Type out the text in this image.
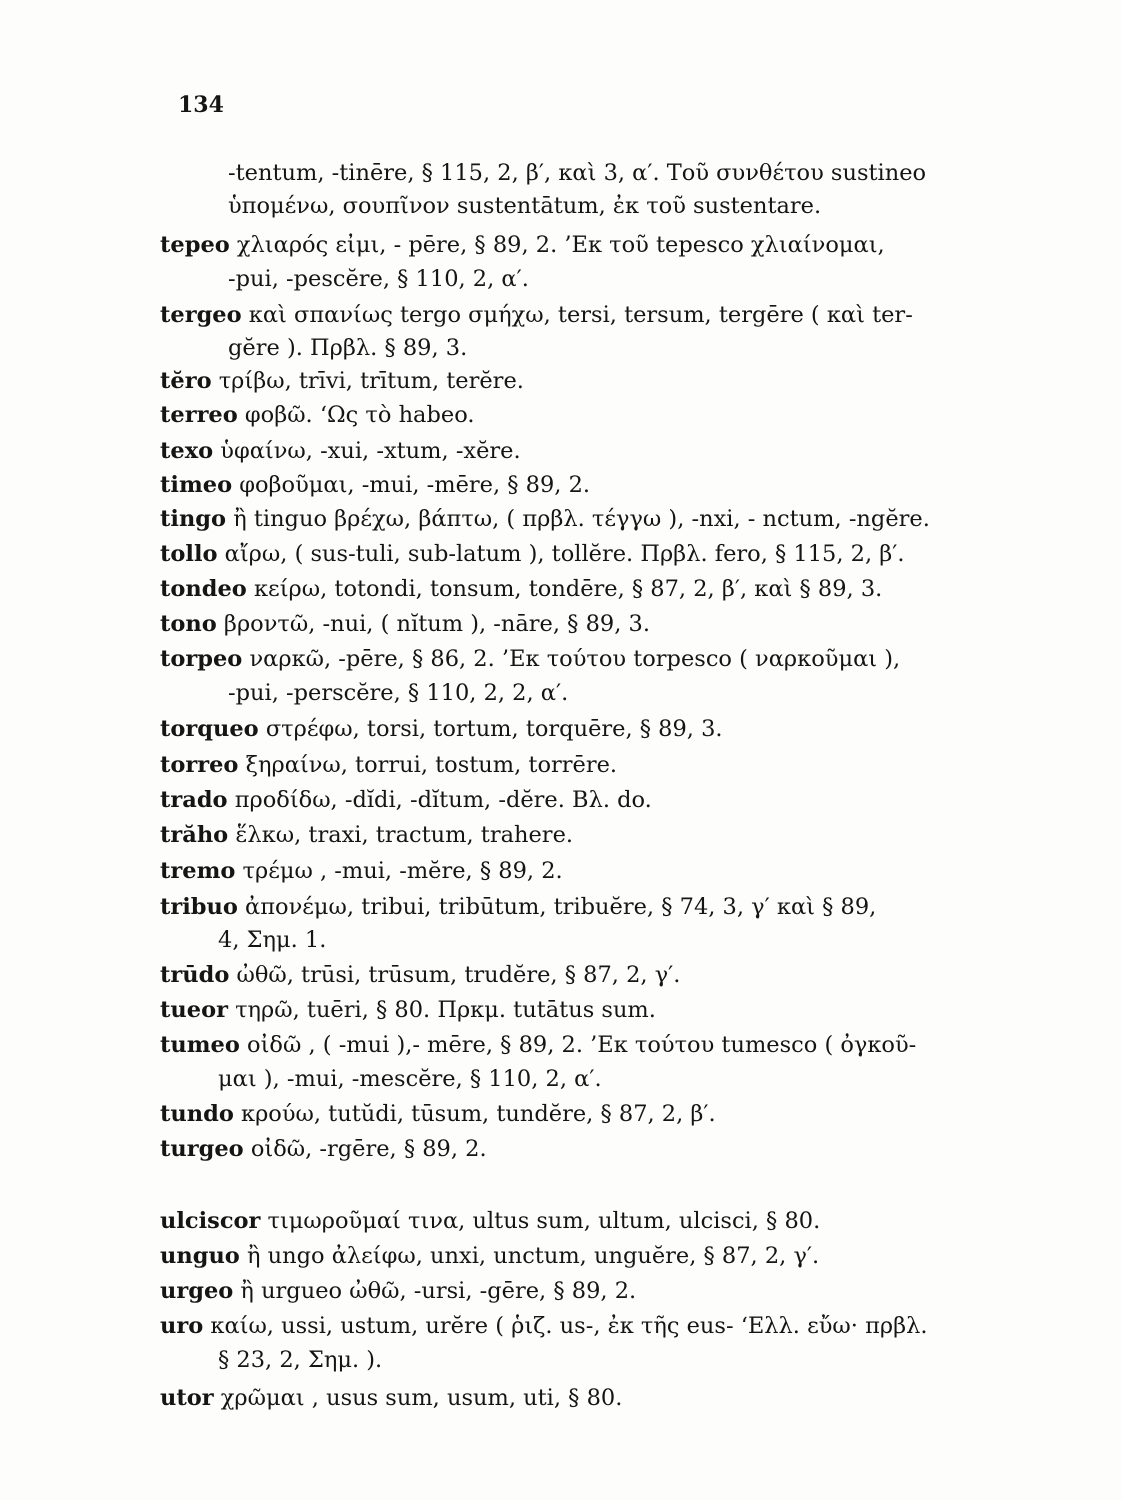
134
-tentum, -tinēre, § 115, 2, β′, καὶ 3, α′. Τοῦ συνθέτου sustineo
ὑπομένω, σουπῖνον sustentātum, ἐκ τοῦ sustentare.
tepeo χλιαρός εἰμι, - pēre, § 89, 2. ’Εκ τοῦ tepesco χλιαίνομαι,
-pui, -pescĕre, § 110, 2, α′.
tergeo καὶ σπανίως tergo σμήχω, tersi, tersum, tergēre ( καὶ ter-
gĕre ). Πρβλ. § 89, 3.
tĕro τρίβω, trīvi, trītum, terĕre.
terreo φοβῶ. ‘Ως τὸ habeo.
texo ὑφαίνω, -xui, -xtum, -xĕre.
timeo φοβοῦμαι, -mui, -mēre, § 89, 2.
tingo ἢ tinguo βρέχω, βάπτω, ( πρβλ. τέγγω ), -nxi, - nctum, -ngĕre.
tollo αἴρω, ( sus-tuli, sub-latum ), tollĕre. Πρβλ. fero, § 115, 2, β′.
tondeo κείρω, totondi, tonsum, tondēre, § 87, 2, β′, καὶ § 89, 3.
tono βροντῶ, -nui, ( nĭtum ), -nāre, § 89, 3.
torpeo ναρκῶ, -pēre, § 86, 2. ’Εκ τούτου torpesco ( ναρκοῦμαι ),
-pui, -perscĕre, § 110, 2, 2, α′.
torqueo στρέφω, torsi, tortum, torquēre, § 89, 3.
torreo ξηραίνω, torrui, tostum, torrēre.
trado προδίδω, -dĭdi, -dĭtum, -dĕre. Βλ. do.
trăho ἕλκω, traxi, tractum, trahere.
tremo τρέμω , -mui, -mĕre, § 89, 2.
tribuo ἀπονέμω, tribui, tribūtum, tribuĕre, § 74, 3, γ′ καὶ § 89,
4, Σημ. 1.
trūdo ὠθῶ, trūsi, trūsum, trudĕre, § 87, 2, γ′.
tueor τηρῶ, tuēri, § 80. Πρκμ. tutātus sum.
tumeo οἰδῶ , ( -mui ),- mēre, § 89, 2. ’Εκ τούτου tumesco ( ὀγκοῦ-
μαι ), -mui, -mescĕre, § 110, 2, α′.
tundo κρούω, tutŭdi, tūsum, tundĕre, § 87, 2, β′.
turgeo οἰδῶ, -rgēre, § 89, 2.
ulciscor τιμωροῦμαί τινα, ultus sum, ultum, ulcisci, § 80.
unguo ἢ ungo ἀλείφω, unxi, unctum, unguĕre, § 87, 2, γ′.
urgeo ἢ urgueo ὠθῶ, -ursi, -gēre, § 89, 2.
uro καίω, ussi, ustum, urĕre ( ῥιζ. us-, ἐκ τῆς eus- ‘Ελλ. εὔω· πρβλ.
§ 23, 2, Σημ. ).
utor χρῶμαι , usus sum, usum, uti, § 80.
